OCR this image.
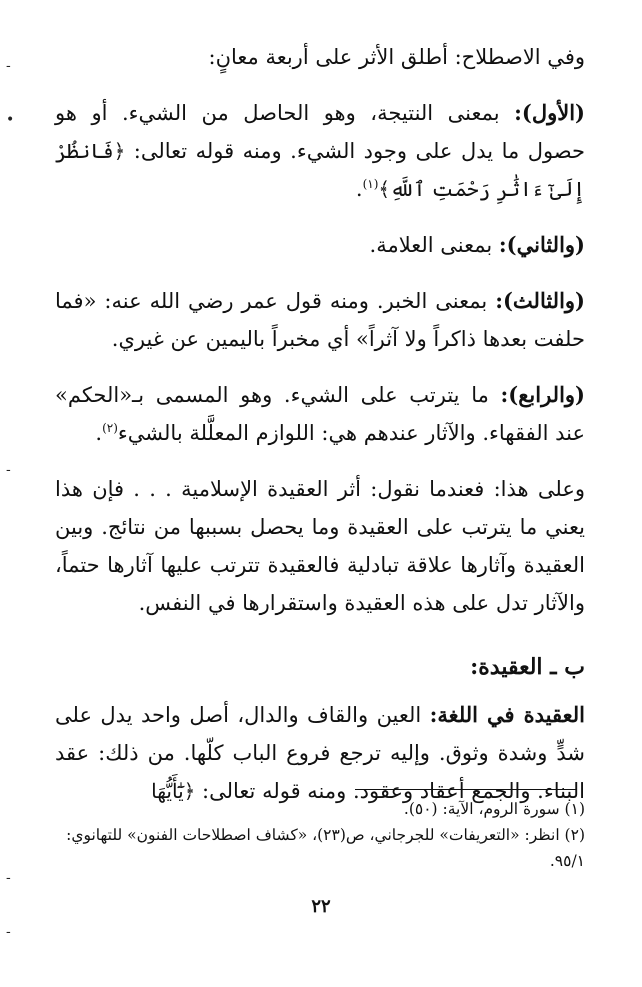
وفي الاصطلاح: أطلق الأثر على أربعة معانٍ:

(الأول): بمعنى النتيجة، وهو الحاصل من الشيء. أو هو حصول ما يدل على وجود الشيء. ومنه قوله تعالى: ﴿فَانظُرْ إِلَىٰٓ ءَاثَٰرِ رَحْمَتِ ٱللَّهِ﴾$^{(١)}$.

(والثاني): بمعنى العلامة.

(والثالث): بمعنى الخبر. ومنه قول عمر رضي الله عنه: «فما حلفت بعدها ذاكراً ولا آثراً» أي مخبراً باليمين عن غيري.

(والرابع): ما يترتب على الشيء. وهو المسمى بـ«الحكم» عند الفقهاء. والآثار عندهم هي: اللوازم المعلَّلة بالشيء$^{(٢)}$.

وعلى هذا: فعندما نقول: أثر العقيدة الإسلامية . . . فإن هذا يعني ما يترتب على العقيدة وما يحصل بسببها من نتائج. وبين العقيدة وآثارها علاقة تبادلية فالعقيدة تترتب عليها آثارها حتماً، والآثار تدل على هذه العقيدة واستقرارها في النفس.

ب ـ العقيدة:

العقيدة في اللغة: العين والقاف والدال، أصل واحد يدل على شدٍّ وشدة وثوق. وإليه ترجع فروع الباب كلّها. من ذلك: عقد البناء. والجمع أعقاد وعقود. ومنه قوله تعالى: ﴿يَٰٓأَيُّهَا

(١) سورة الروم، الآية: (٥٠).
(٢) انظر: «التعريفات» للجرجاني، ص(٢٣)، «كشاف اصطلاحات الفنون» للتهانوي: ٩٥/١.
٢٢
-
•
-
-
-
